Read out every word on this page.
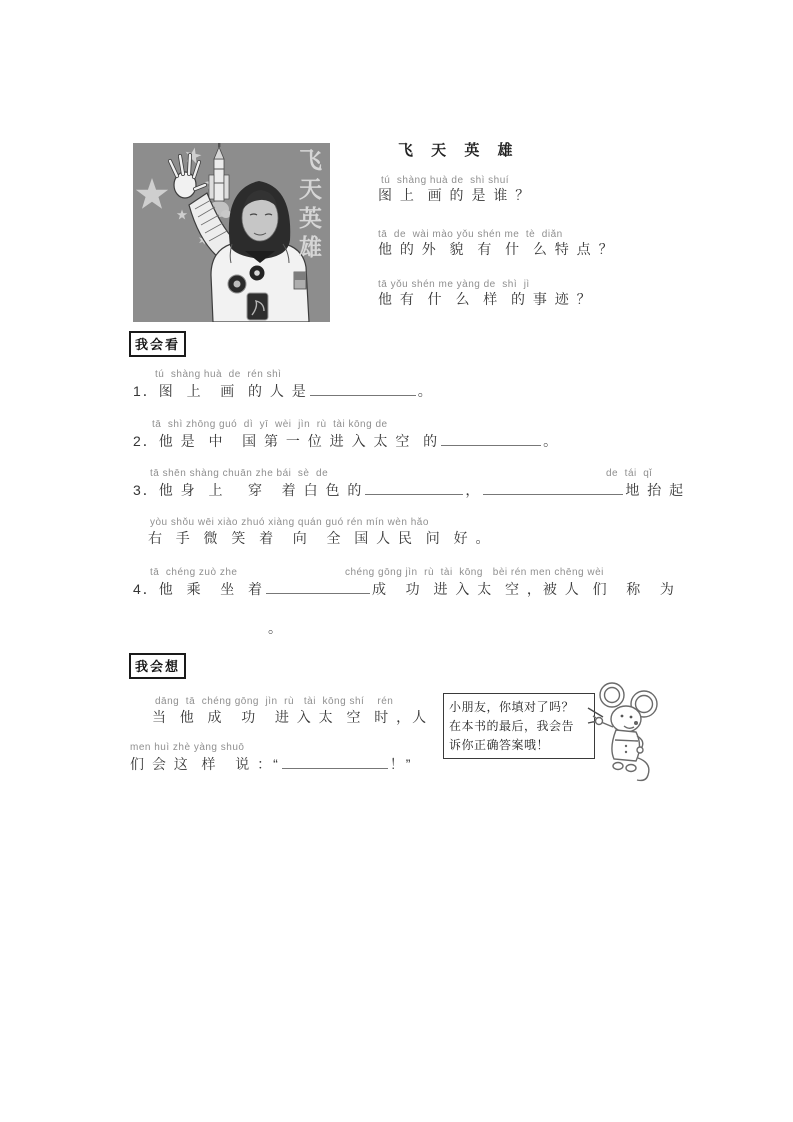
飞天英雄	飞 天 英 雄
tú  shàng huà de  shì shuí
图 上  画 的 是 谁 ？
tā  de  wài mào yǒu shén me  tè  diǎn
他 的 外  貌  有  什  么 特 点 ？
tā yǒu shén me yàng de  shì  jì
他 有  什  么  样  的 事 迹 ？
我会看
tú  shàng huà  de  rén shì
1．图  上   画  的 人 是	。
tā  shì zhōng guó  dì  yī  wèi  jìn  rù  tài kōng de
2．他 是  中   国 第 一 位 进 入 太 空  的	。
tā shēn shàng chuān zhe bái  sè  de	de  tái  qǐ
3．他 身  上    穿   着 白 色 的	，	地 抬 起
yòu shǒu wēi xiào zhuó xiàng quán guó rén mín wèn hǎo
右  手  微  笑  着   向   全  国 人 民  问  好 。
tā  chéng zuò zhe	chéng gōng jìn  rù  tài  kōng   bèi rén men chēng wèi
4．他  乘   坐  着	成   功  进 入 太  空 ，被 人  们   称   为
。
我会想
dāng  tā  chéng gōng  jìn  rù   tài  kōng shí    rén
当  他  成   功   进 入 太  空  时 ，人
men huì zhè yàng shuō
们 会 这  样   说 ：“	！”
小朋友，你填对了吗？
在本书的最后，我会告
诉你正确答案哦！
